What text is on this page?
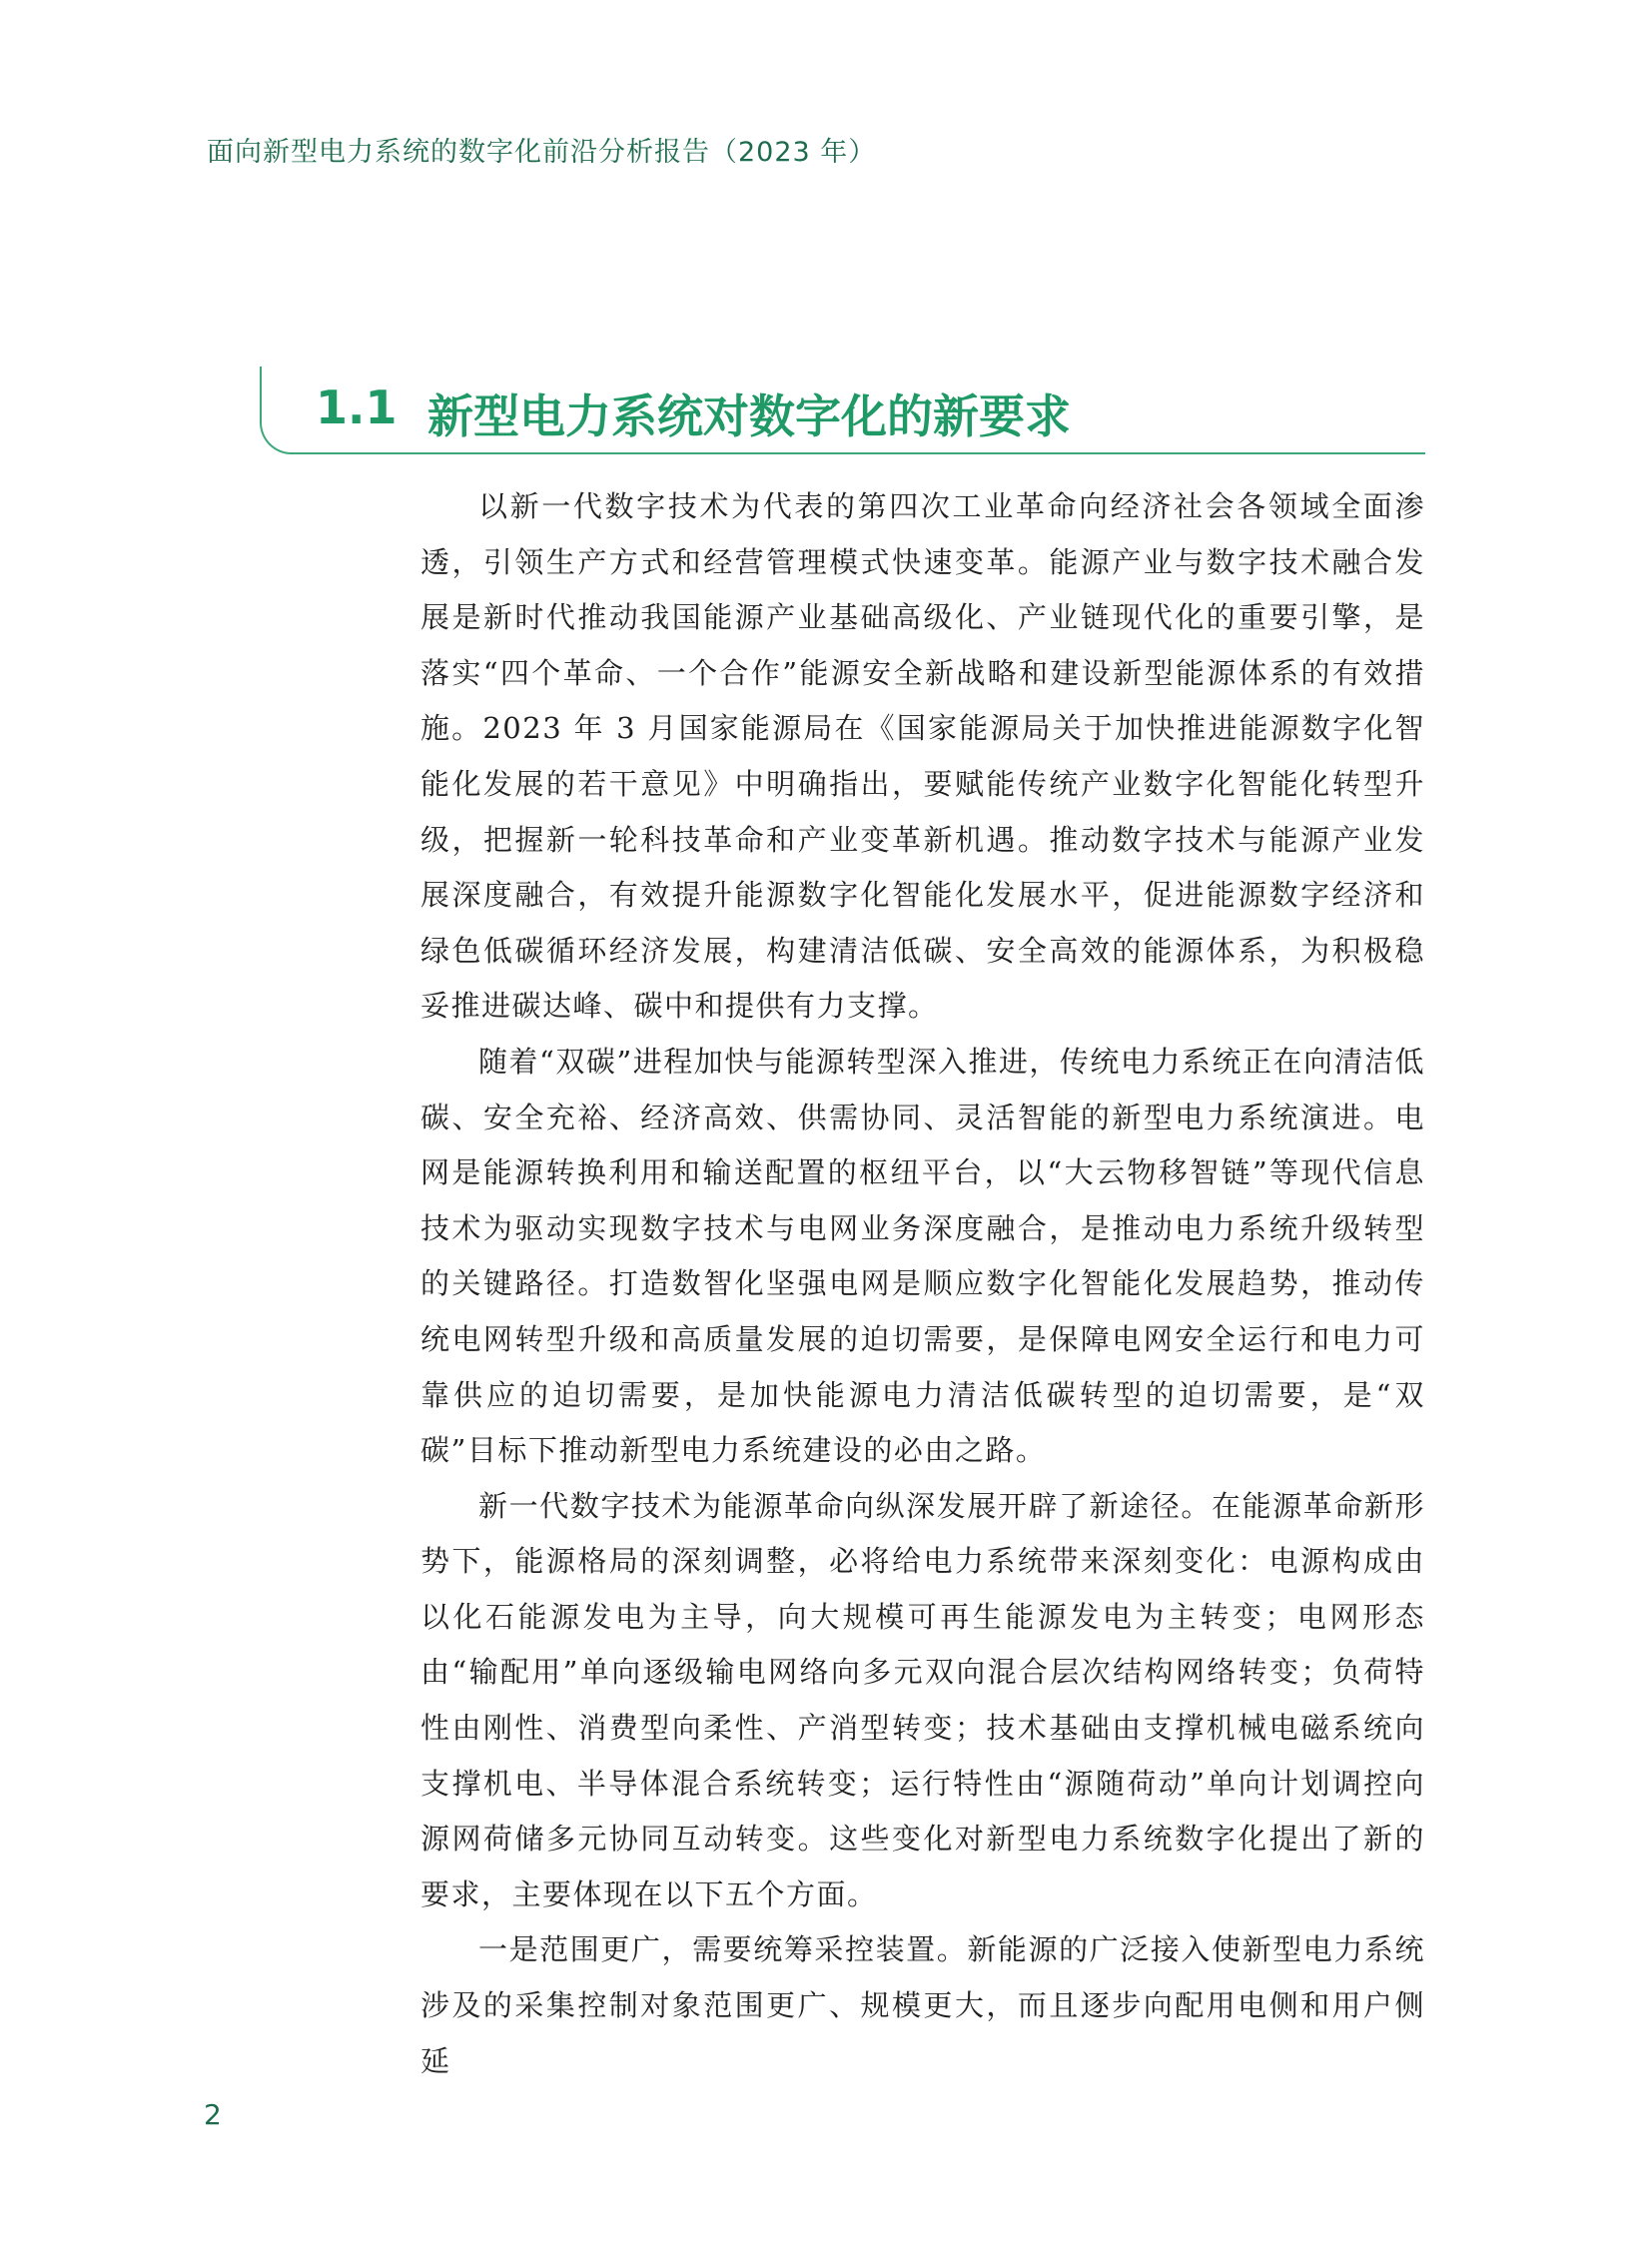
面向新型电力系统的数字化前沿分析报告（2023 年）
1.1 新型电力系统对数字化的新要求

以新一代数字技术为代表的第四次工业革命向经济社会各领域全面渗透，引领生产方式和经营管理模式快速变革。能源产业与数字技术融合发展是新时代推动我国能源产业基础高级化、产业链现代化的重要引擎，是落实“四个革命、一个合作”能源安全新战略和建设新型能源体系的有效措施。2023 年 3 月国家能源局在《国家能源局关于加快推进能源数字化智能化发展的若干意见》中明确指出，要赋能传统产业数字化智能化转型升级，把握新一轮科技革命和产业变革新机遇。推动数字技术与能源产业发展深度融合，有效提升能源数字化智能化发展水平，促进能源数字经济和绿色低碳循环经济发展，构建清洁低碳、安全高效的能源体系，为积极稳妥推进碳达峰、碳中和提供有力支撑。

随着“双碳”进程加快与能源转型深入推进，传统电力系统正在向清洁低碳、安全充裕、经济高效、供需协同、灵活智能的新型电力系统演进。电网是能源转换利用和输送配置的枢纽平台，以“大云物移智链”等现代信息技术为驱动实现数字技术与电网业务深度融合，是推动电力系统升级转型的关键路径。打造数智化坚强电网是顺应数字化智能化发展趋势，推动传统电网转型升级和高质量发展的迫切需要，是保障电网安全运行和电力可靠供应的迫切需要，是加快能源电力清洁低碳转型的迫切需要，是“双碳”目标下推动新型电力系统建设的必由之路。

新一代数字技术为能源革命向纵深发展开辟了新途径。在能源革命新形势下，能源格局的深刻调整，必将给电力系统带来深刻变化：电源构成由以化石能源发电为主导，向大规模可再生能源发电为主转变；电网形态由“输配用”单向逐级输电网络向多元双向混合层次结构网络转变；负荷特性由刚性、消费型向柔性、产消型转变；技术基础由支撑机械电磁系统向支撑机电、半导体混合系统转变；运行特性由“源随荷动”单向计划调控向源网荷储多元协同互动转变。这些变化对新型电力系统数字化提出了新的要求，主要体现在以下五个方面。

一是范围更广，需要统筹采控装置。新能源的广泛接入使新型电力系统涉及的采集控制对象范围更广、规模更大，而且逐步向配用电侧和用户侧延

2
